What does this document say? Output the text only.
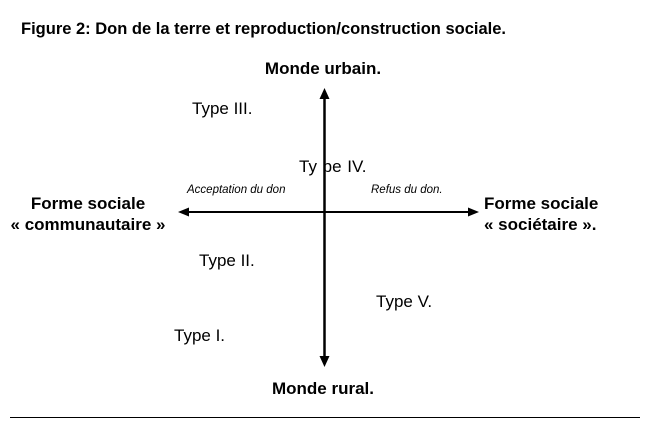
Figure 2: Don de la terre et reproduction/construction sociale.
Monde urbain.
Forme sociale
« communautaire »
Forme sociale
« sociétaire ».
Acceptation du don	Refus du don.
Type III.
Ty pe IV.
Type II.
Type V.
Type I.
Monde rural.
